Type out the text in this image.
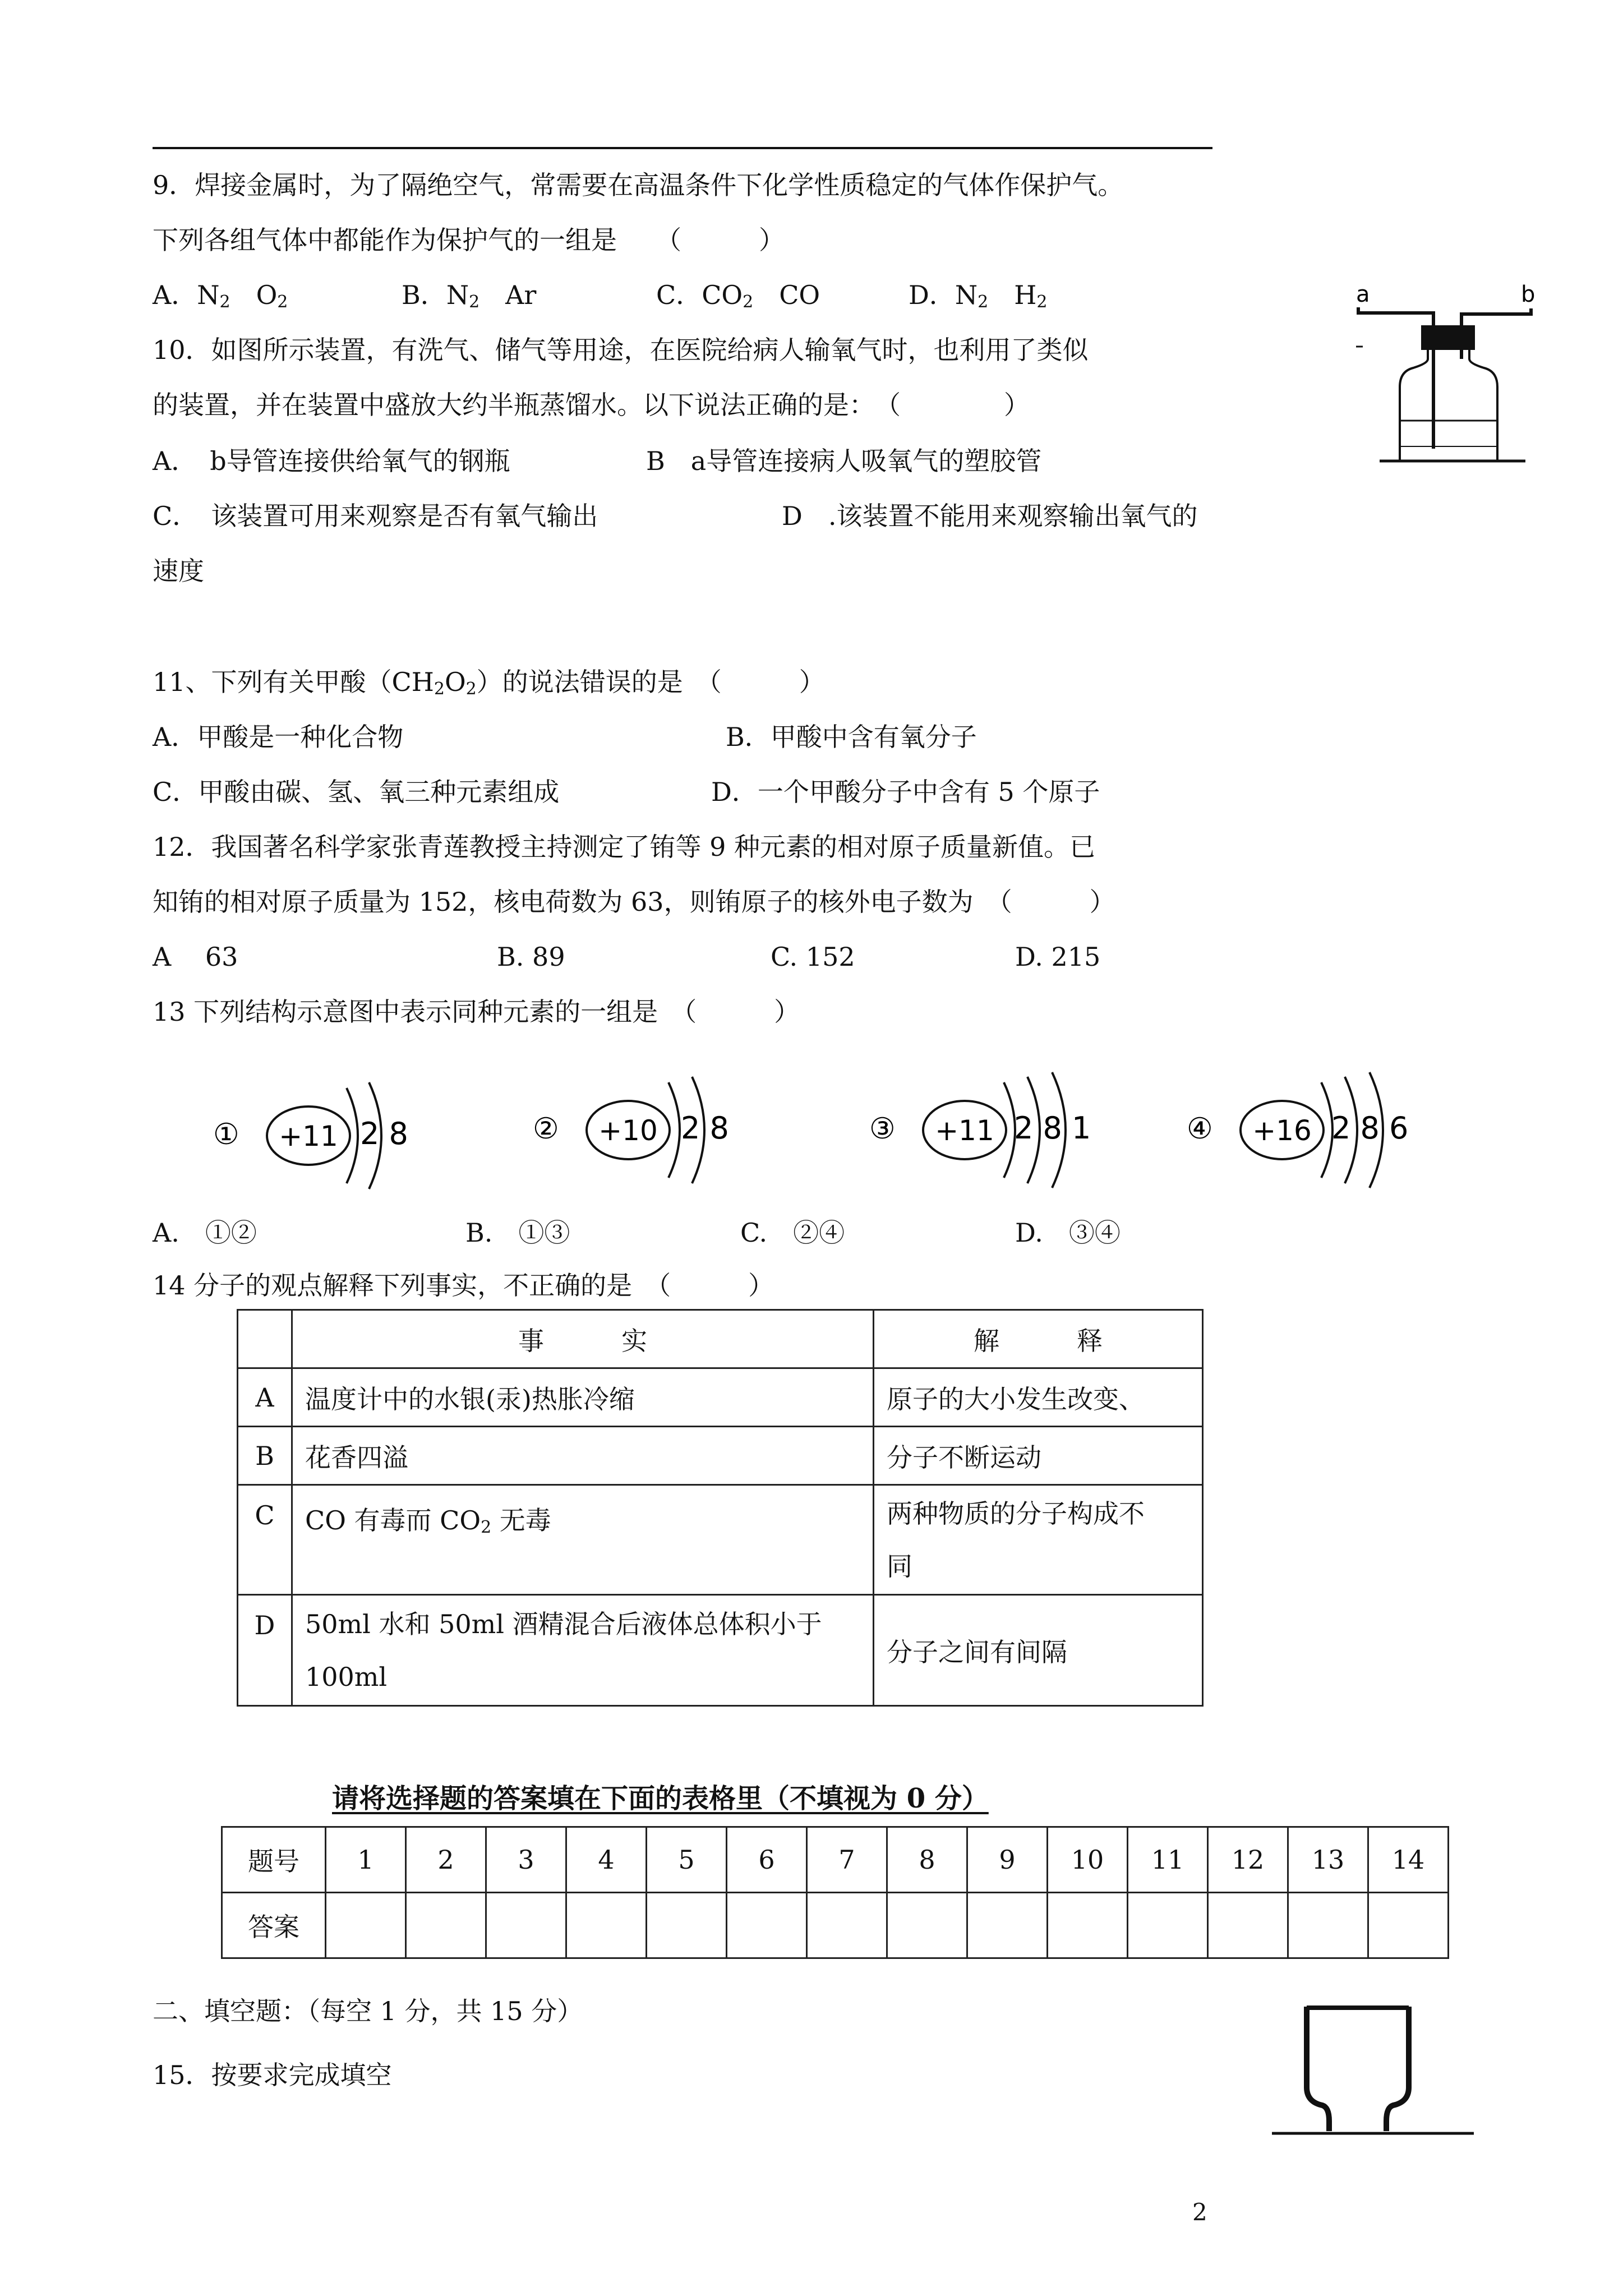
9．焊接金属时，为了隔绝空气，常需要在高温条件下化学性质稳定的气体作保护气。
下列各组气体中都能作为保护气的一组是　　（　　　）
A．$N_2$　$O_2$	B．$N_2$　Ar	C．$CO_2$　CO	D．$N_2$　$H_2$	a	b
10．如图所示装置，有洗气、储气等用途，在医院给病人输氧气时，也利用了类似
的装置，并在装置中盛放大约半瓶蒸馏水。以下说法正确的是：　（　　　　）
A．　b导管连接供给氧气的钢瓶	B　a导管连接病人吸氧气的塑胶管
C．　该装置可用来观察是否有氧气输出	D　.该装置不能用来观察输出氧气的
速度
11、下列有关甲酸$(CH_2O_2)$的说法错误的是　（　　　）
A．甲酸是一种化合物	B．甲酸中含有氧分子
C．甲酸由碳、氢、氧三种元素组成	D．一个甲酸分子中含有 5 个原子
12．我国著名科学家张青莲教授主持测定了铕等 9 种元素的相对原子质量新值。已
知铕的相对原子质量为 152，核电荷数为 63，则铕原子的核外电子数为　（　　　）
A　 63	B. 89	C. 152	D. 215
13 下列结构示意图中表示同种元素的一组是　（　　　）
① +11 2 8	② +10 2 8	③ +11 2 8 1	④ +16 2 8 6
A.　①②	B.　①③	C.　②④	D.　③④
14 分子的观点解释下列事实，不正确的是　（　　　）
	事　　　实	解　　　释
A	温度计中的水银(汞)热胀冷缩	原子的大小发生改变、
B	花香四溢	分子不断运动
C	CO 有毒而 $CO_2$ 无毒	两种物质的分子构成不
同
D	50ml 水和 50ml 酒精混合后液体总体积小于
100ml	分子之间有间隔
请将选择题的答案填在下面的表格里（不填视为 0 分）
题号	1	2	3	4	5	6	7	8	9	10	11	12	13	14
答案														
二、填空题：（每空 1 分，共 15 分）
15．按要求完成填空
2
